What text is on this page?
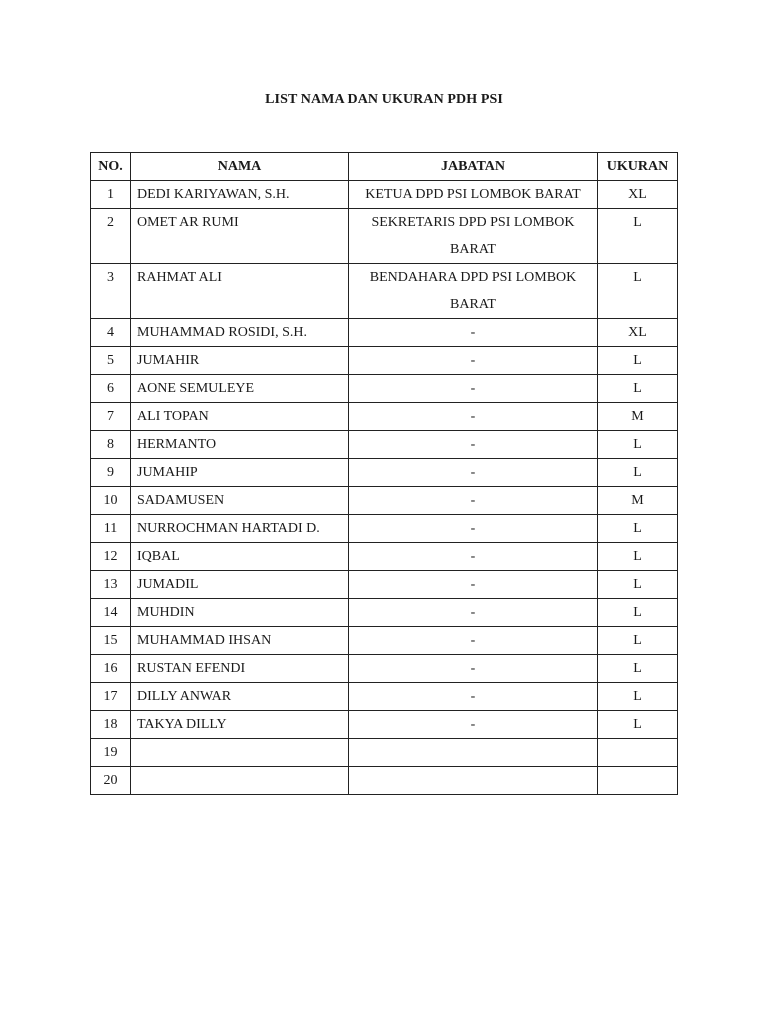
LIST NAMA DAN UKURAN PDH PSI
NO.	NAMA	JABATAN	UKURAN
1	DEDI KARIYAWAN, S.H.	KETUA DPD PSI LOMBOK BARAT	XL
2	OMET AR RUMI	SEKRETARIS DPD PSI LOMBOK BARAT	L
3	RAHMAT ALI	BENDAHARA DPD PSI LOMBOK BARAT	L
4	MUHAMMAD ROSIDI, S.H.	-	XL
5	JUMAHIR	-	L
6	AONE SEMULEYE	-	L
7	ALI TOPAN	-	M
8	HERMANTO	-	L
9	JUMAHIP	-	L
10	SADAMUSEN	-	M
11	NURROCHMAN HARTADI D.	-	L
12	IQBAL	-	L
13	JUMADIL	-	L
14	MUHDIN	-	L
15	MUHAMMAD IHSAN	-	L
16	RUSTAN EFENDI	-	L
17	DILLY ANWAR	-	L
18	TAKYA DILLY	-	L
19			
20			
